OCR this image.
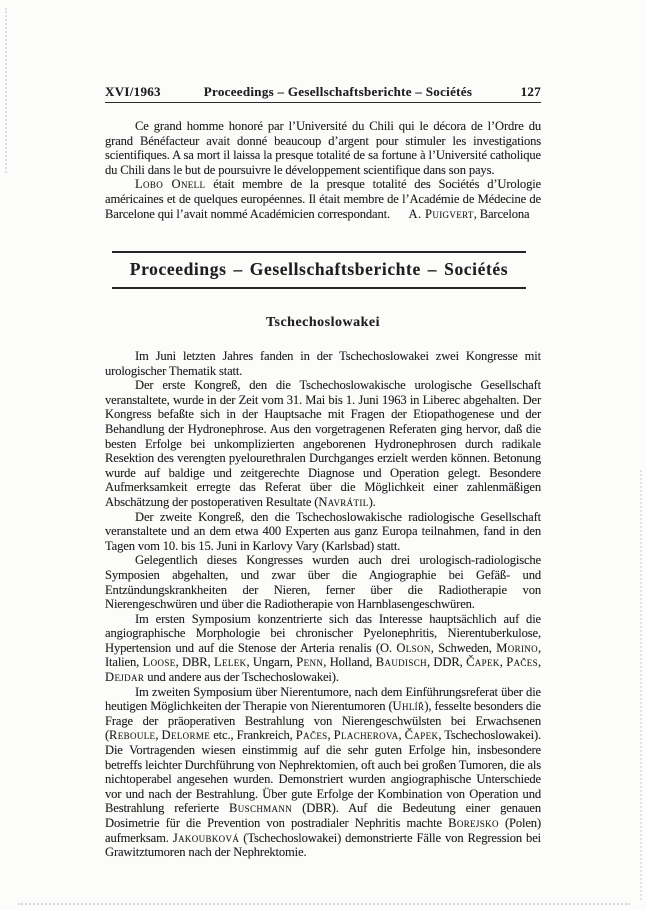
XVI/1963	Proceedings – Gesellschaftsberichte – Sociétés	127

Ce grand homme honoré par l’Université du Chili qui le décora de l’Ordre du grand Bénéfacteur avait donné beaucoup d’argent pour stimuler les investigations scientifiques. A sa mort il laissa la presque totalité de sa fortune à l’Université catholique du Chili dans le but de poursuivre le développement scientifique dans son pays.

Lobo Onell était membre de la presque totalité des Sociétés d’Urologie américaines et de quelques européennes. Il était membre de l’Académie de Médecine de Barcelone qui l’avait nommé Académicien correspondant.  A. Puigvert, Barcelona

Proceedings – Gesellschaftsberichte – Sociétés
Tschechoslowakei

Im Juni letzten Jahres fanden in der Tschechoslowakei zwei Kongresse mit urologischer Thematik statt.

Der erste Kongreß, den die Tschechoslowakische urologische Gesellschaft veranstaltete, wurde in der Zeit vom 31. Mai bis 1. Juni 1963 in Liberec abgehalten. Der Kongress befaßte sich in der Hauptsache mit Fragen der Etiopathogenese und der Behandlung der Hydronephrose. Aus den vorgetragenen Referaten ging hervor, daß die besten Erfolge bei unkomplizierten angeborenen Hydronephrosen durch radikale Resektion des verengten pyelourethralen Durchganges erzielt werden können. Betonung wurde auf baldige und zeitgerechte Diagnose und Operation gelegt. Besondere Aufmerksamkeit erregte das Referat über die Möglichkeit einer zahlenmäßigen Abschätzung der postoperativen Resultate (Navrátil).

Der zweite Kongreß, den die Tschechoslowakische radiologische Gesellschaft veranstaltete und an dem etwa 400 Experten aus ganz Europa teilnahmen, fand in den Tagen vom 10. bis 15. Juni in Karlovy Vary (Karlsbad) statt.

Gelegentlich dieses Kongresses wurden auch drei urologisch-radiologische Symposien abgehalten, und zwar über die Angiographie bei Gefäß- und Entzündungskrankheiten der Nieren, ferner über die Radiotherapie von Nierengeschwüren und über die Radiotherapie von Harnblasengeschwüren.

Im ersten Symposium konzentrierte sich das Interesse hauptsächlich auf die angiographische Morphologie bei chronischer Pyelonephritis, Nierentuberkulose, Hypertension und auf die Stenose der Arteria renalis (O. Olson, Schweden, Morino, Italien, Loose, DBR, Lelek, Ungarn, Penn, Holland, Baudisch, DDR, Čapek, Pačes, Dejdar und andere aus der Tschechoslowakei).

Im zweiten Symposium über Nierentumore, nach dem Einführungsreferat über die heutigen Möglichkeiten der Therapie von Nierentumoren (Uhlíř), fesselte besonders die Frage der präoperativen Bestrahlung von Nierengeschwülsten bei Erwachsenen (Reboule, Delorme etc., Frankreich, Pačes, Placherova, Čapek, Tschechoslowakei). Die Vortragenden wiesen einstimmig auf die sehr guten Erfolge hin, insbesondere betreffs leichter Durchführung von Nephrektomien, oft auch bei großen Tumoren, die als nichtoperabel angesehen wurden. Demonstriert wurden angiographische Unterschiede vor und nach der Bestrahlung. Über gute Erfolge der Kombination von Operation und Bestrahlung referierte Buschmann (DBR). Auf die Bedeutung einer genauen Dosimetrie für die Prevention von postradialer Nephritis machte Borejsko (Polen) aufmerksam. Jakoubková (Tschechoslowakei) demonstrierte Fälle von Regression bei Grawitztumoren nach der Nephrektomie.
